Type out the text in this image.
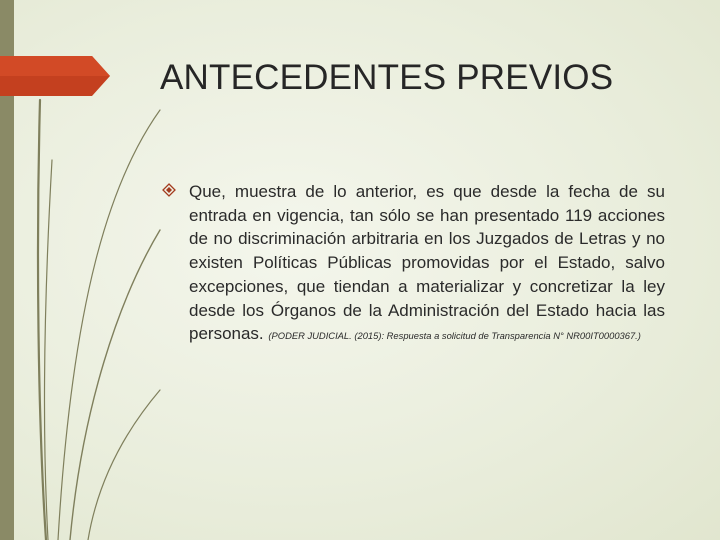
ANTECEDENTES PREVIOS

Que, muestra de lo anterior, es que desde la fecha de su entrada en vigencia, tan sólo se han presentado 119 acciones de no discriminación arbitraria en los Juzgados de Letras y no existen Políticas Públicas promovidas por el Estado, salvo excepciones, que tiendan a materializar y concretizar la ley desde los Órganos de la Administración del Estado hacia las personas. (PODER JUDICIAL. (2015): Respuesta a solicitud de Transparencia N° NR00IT0000367.)
